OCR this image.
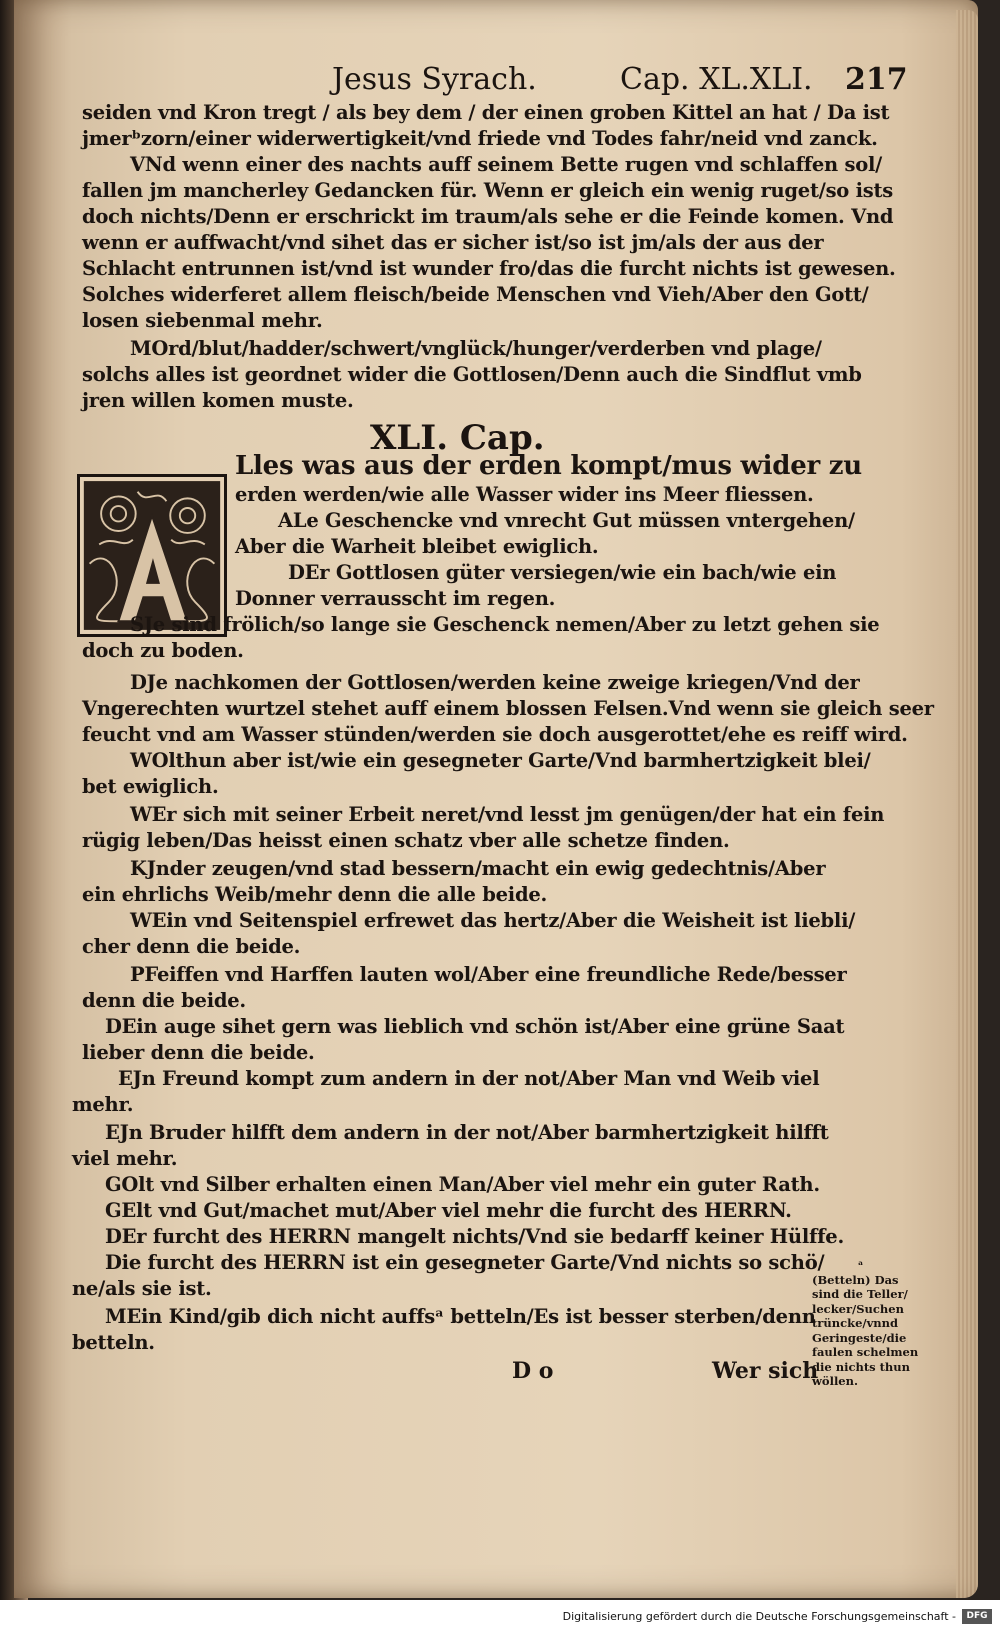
Jesus Syrach.	Cap. XL.XLI. 217
seiden vnd Kron tregt / als bey dem / der einen groben Kittel an hat / Da ist
jmerᵇzorn/einer widerwertigkeit/vnd friede vnd Todes fahr/neid vnd zanck.
VNd wenn einer des nachts auff seinem Bette rugen vnd schlaffen sol/
fallen jm mancherley Gedancken für. Wenn er gleich ein wenig ruget/so ists
doch nichts/Denn er erschrickt im traum/als sehe er die Feinde komen. Vnd
wenn er auffwacht/vnd sihet das er sicher ist/so ist jm/als der aus der
Schlacht entrunnen ist/vnd ist wunder fro/das die furcht nichts ist gewesen.
Solches widerferet allem fleisch/beide Menschen vnd Vieh/Aber den Gott/
losen siebenmal mehr.
MOrd/blut/hadder/schwert/vnglück/hunger/verderben vnd plage/
solchs alles ist geordnet wider die Gottlosen/Denn auch die Sindflut vmb
jren willen komen muste.
XLI. Cap.
A	Lles was aus der erden kompt/mus wider zu
erden werden/wie alle Wasser wider ins Meer fliessen.
ALe Geschencke vnd vnrecht Gut müssen vntergehen/
Aber die Warheit bleibet ewiglich.
DEr Gottlosen güter versiegen/wie ein bach/wie ein
Donner verrausscht im regen.
SJe sind frölich/so lange sie Geschenck nemen/Aber zu letzt gehen sie
doch zu boden.
DJe nachkomen der Gottlosen/werden keine zweige kriegen/Vnd der
Vngerechten wurtzel stehet auff einem blossen Felsen.Vnd wenn sie gleich seer
feucht vnd am Wasser stünden/werden sie doch ausgerottet/ehe es reiff wird.
WOlthun aber ist/wie ein gesegneter Garte/Vnd barmhertzigkeit blei/
bet ewiglich.
WEr sich mit seiner Erbeit neret/vnd lesst jm genügen/der hat ein fein
rügig leben/Das heisst einen schatz vber alle schetze finden.
KJnder zeugen/vnd stad bessern/macht ein ewig gedechtnis/Aber
ein ehrlichs Weib/mehr denn die alle beide.
WEin vnd Seitenspiel erfrewet das hertz/Aber die Weisheit ist liebli/
cher denn die beide.
PFeiffen vnd Harffen lauten wol/Aber eine freundliche Rede/besser
denn die beide.
DEin auge sihet gern was lieblich vnd schön ist/Aber eine grüne Saat
lieber denn die beide.
EJn Freund kompt zum andern in der not/Aber Man vnd Weib viel
mehr.
EJn Bruder hilfft dem andern in der not/Aber barmhertzigkeit hilfft
viel mehr.
GOlt vnd Silber erhalten einen Man/Aber viel mehr ein guter Rath.
GElt vnd Gut/machet mut/Aber viel mehr die furcht des HERRN.
DEr furcht des HERRN mangelt nichts/Vnd sie bedarff keiner Hülffe.
Die furcht des HERRN ist ein gesegneter Garte/Vnd nichts so schö/
ne/als sie ist.
MEin Kind/gib dich nicht auffsᵃ betteln/Es ist besser sterben/denn
betteln.
ᵃ
(Betteln) Das
sind die Teller/
lecker/Suchen
trüncke/vnnd
Geringeste/die
faulen schelmen
die nichts thun
wöllen.
D o	Wer sich
Digitalisierung gefördert durch die Deutsche Forschungsgemeinschaft -	DFG
